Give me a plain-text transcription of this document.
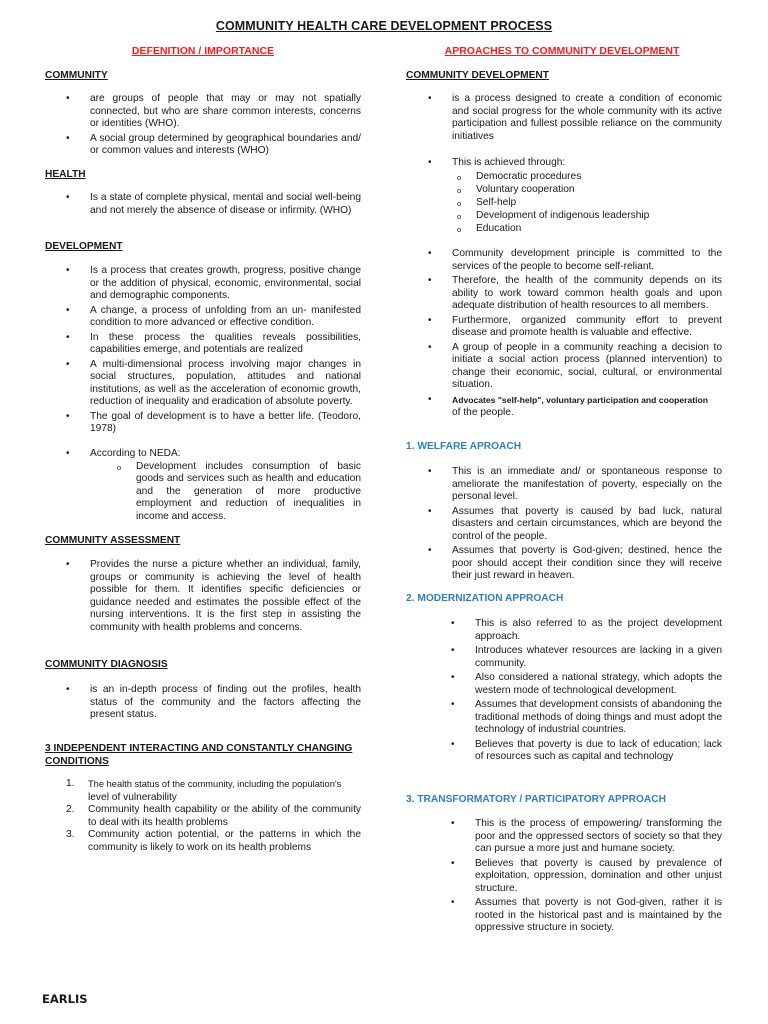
COMMUNITY HEALTH CARE DEVELOPMENT PROCESS
DEFENITION / IMPORTANCE
COMMUNITY
• are groups of people that may or may not spatially connected, but who are share common interests, concerns or identities (WHO).
• A social group determined by geographical boundaries and/ or common values and interests (WHO)
HEALTH
• Is a state of complete physical, mental and social well-being and not merely the absence of disease or infirmity. (WHO)
DEVELOPMENT
• Is a process that creates growth, progress, positive change or the addition of physical, economic, environmental, social and demographic components.
• A change, a process of unfolding from an un- manifested condition to more advanced or effective condition.
• In these process the qualities reveals possibilities, capabilities emerge, and potentials are realized
• A multi-dimensional process involving major changes in social structures, population, attitudes and national institutions, as well as the acceleration of economic growth, reduction of inequality and eradication of absolute poverty.
• The goal of development is to have a better life. (Teodoro, 1978)
• According to NEDA:
o Development includes consumption of basic goods and services such as health and education and the generation of more productive employment and reduction of inequalities in income and access.
COMMUNITY ASSESSMENT
• Provides the nurse a picture whether an individual, family, groups or community is achieving the level of health possible for them. It identifies specific deficiencies or guidance needed and estimates the possible effect of the nursing interventions. It is the first step in assisting the community with health problems and concerns.
COMMUNITY DIAGNOSIS
• is an in-depth process of finding out the profiles, health status of the community and the factors affecting the present status.
3 INDEPENDENT INTERACTING AND CONSTANTLY CHANGING CONDITIONS
1. The health status of the community, including the population's
level of vulnerability
2. Community health capability or the ability of the community to deal with its health problems
3. Community action potential, or the patterns in which the community is likely to work on its health problems
APROACHES TO COMMUNITY DEVELOPMENT
COMMUNITY DEVELOPMENT
• is a process designed to create a condition of economic and social progress for the whole community with its active participation and fullest possible reliance on the community initiatives
• This is achieved through:
o Democratic procedures
o Voluntary cooperation
o Self-help
o Development of indigenous leadership
o Education
• Community development principle is committed to the services of the people to become self-reliant.
• Therefore, the health of the community depends on its ability to work toward common health goals and upon adequate distribution of health resources to all members.
• Furthermore, organized community effort to prevent disease and promote health is valuable and effective.
• A group of people in a community reaching a decision to initiate a social action process (planned intervention) to change their economic, social, cultural, or environmental situation.
• Advocates "self-help", voluntary participation and cooperation
of the people.
1. WELFARE APROACH
• This is an immediate and/ or spontaneous response to ameliorate the manifestation of poverty, especially on the personal level.
• Assumes that poverty is caused by bad luck, natural disasters and certain circumstances, which are beyond the control of the people.
• Assumes that poverty is God-given; destined, hence the poor should accept their condition since they will receive their just reward in heaven.
2. MODERNIZATION APPROACH
• This is also referred to as the project development approach.
• Introduces whatever resources are lacking in a given community.
• Also considered a national strategy, which adopts the western mode of technological development.
• Assumes that development consists of abandoning the traditional methods of doing things and must adopt the technology of industrial countries.
• Believes that poverty is due to lack of education; lack of resources such as capital and technology
3. TRANSFORMATORY / PARTICIPATORY APPROACH
• This is the process of empowering/ transforming the poor and the oppressed sectors of society so that they can pursue a more just and humane society.
• Believes that poverty is caused by prevalence of exploitation, oppression, domination and other unjust structure.
• Assumes that poverty is not God-given, rather it is rooted in the historical past and is maintained by the oppressive structure in society.
EARLIS
